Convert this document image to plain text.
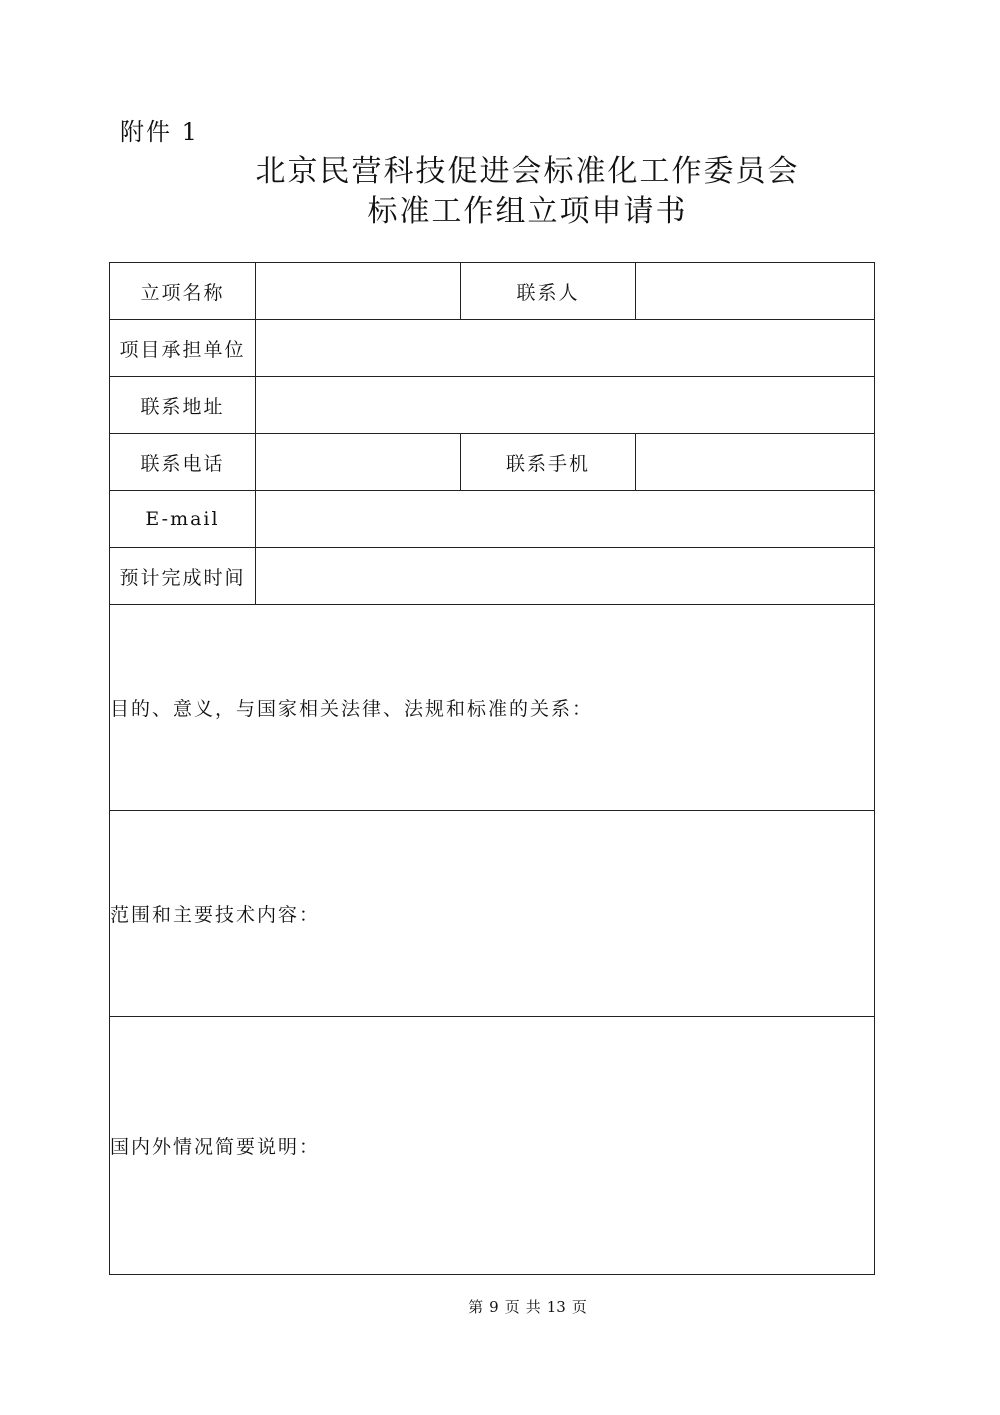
附件 1
北京民营科技促进会标准化工作委员会
标准工作组立项申请书
立项名称		联系人	
项目承担单位			
联系地址			
联系电话		联系手机	
E-mail			
预计完成时间			
目的、意义，与国家相关法律、法规和标准的关系：			
范围和主要技术内容：			
国内外情况简要说明：			
第 9 页 共 13 页
